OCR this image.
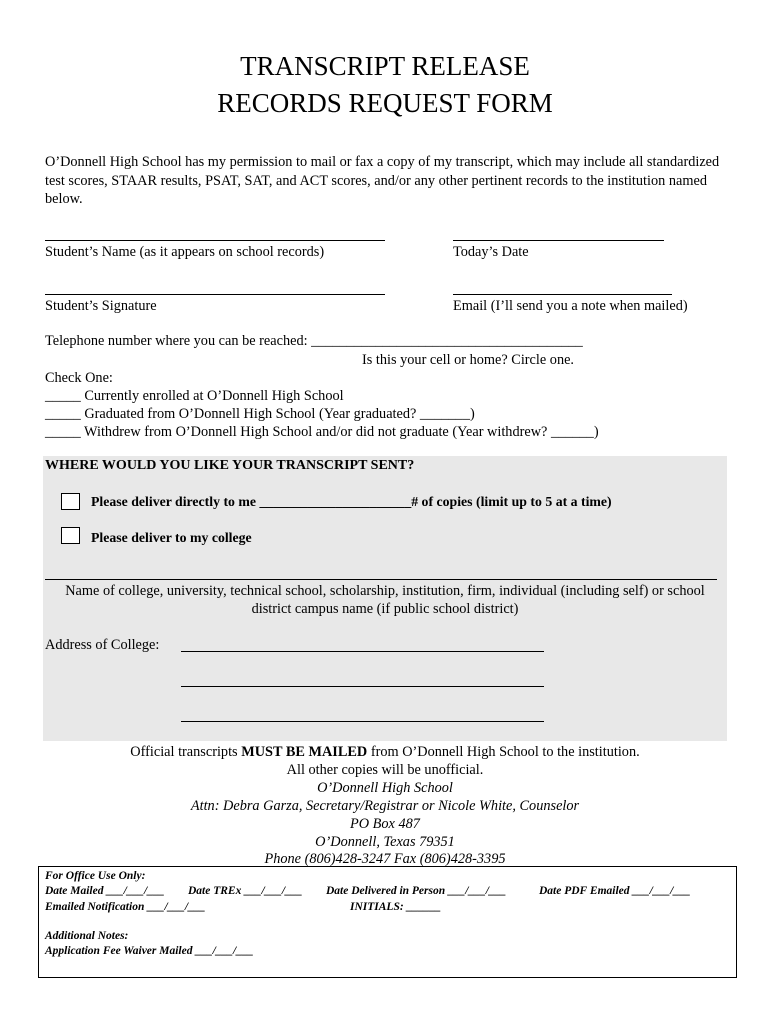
TRANSCRIPT RELEASE
RECORDS REQUEST FORM
O’Donnell High School has my permission to mail or fax a copy of my transcript, which may include all standardized test scores, STAAR results, PSAT, SAT, and ACT scores, and/or any other pertinent records to the institution named below.
Student’s Name (as it appears on school records)	Today’s Date
Student’s Signature	Email (I’ll send you a note when mailed)
Telephone number where you can be reached: ______________________________________
Is this your cell or home? Circle one.
Check One:
_____ Currently enrolled at O’Donnell High School
_____ Graduated from O’Donnell High School (Year graduated? _______)
_____ Withdrew from O’Donnell High School and/or did not graduate (Year withdrew? ______)
WHERE WOULD YOU LIKE YOUR TRANSCRIPT SENT?
Please deliver directly to me ______________________# of copies (limit up to 5 at a time)
Please deliver to my college
Name of college, university, technical school, scholarship, institution, firm, individual (including self) or school
district campus name (if public school district)
Address of College:
Official transcripts MUST BE MAILED from O’Donnell High School to the institution.
All other copies will be unofficial.
O’Donnell High School
Attn: Debra Garza, Secretary/Registrar or Nicole White, Counselor
PO Box 487
O’Donnell, Texas 79351
Phone (806)428-3247 Fax (806)428-3395
For Office Use Only:
Date Mailed ___/___/___ Date TREx ___/___/___ Date Delivered in Person ___/___/___	Date PDF Emailed ___/___/___
Emailed Notification ___/___/___	INITIALS: ______
Additional Notes:
Application Fee Waiver Mailed ___/___/___
